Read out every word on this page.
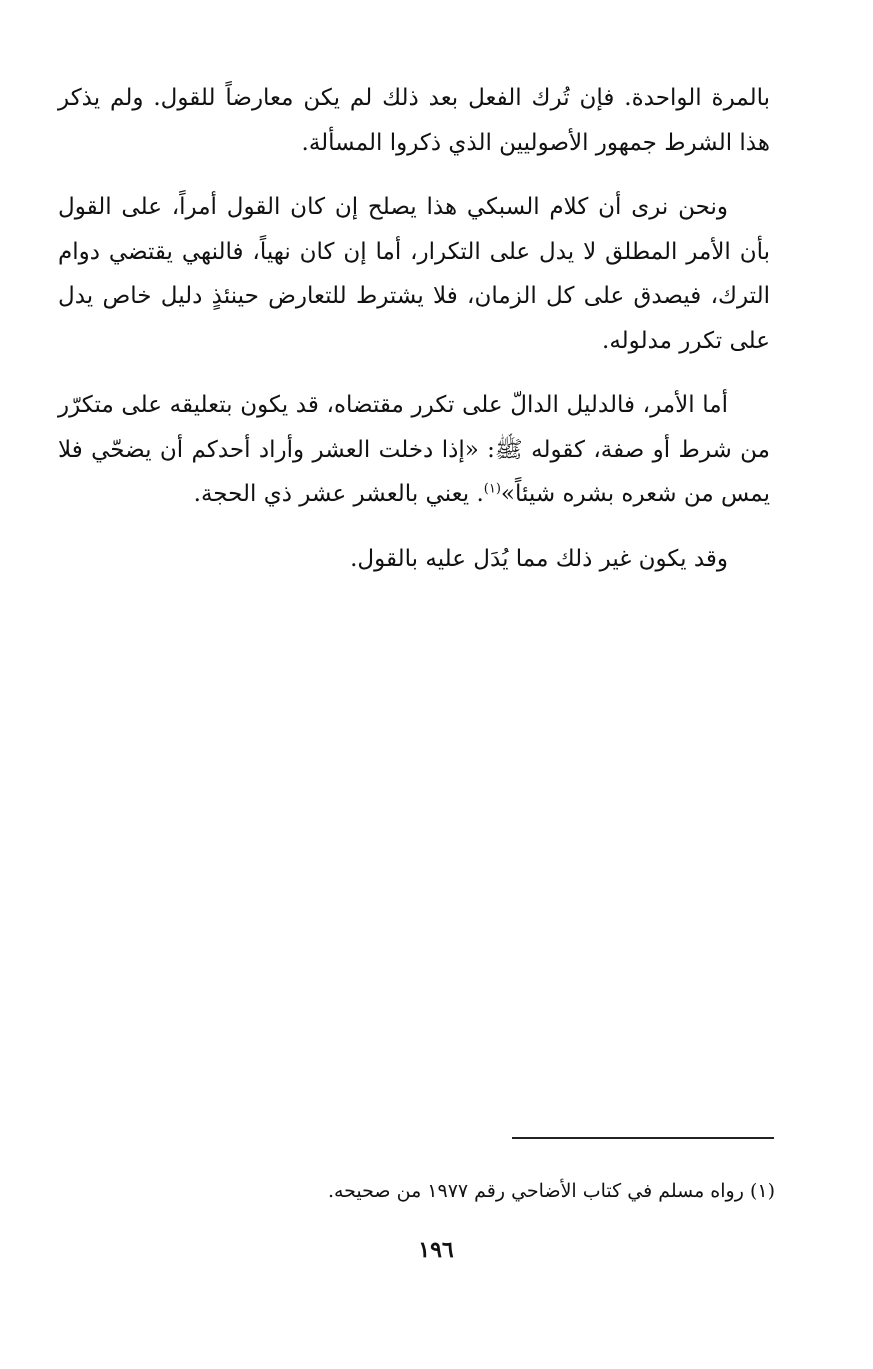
بالمرة الواحدة. فإن تُرك الفعل بعد ذلك لم يكن معارضاً للقول. ولم يذكر هذا الشرط جمهور الأصوليين الذي ذكروا المسألة.

ونحن نرى أن كلام السبكي هذا يصلح إن كان القول أمراً، على القول بأن الأمر المطلق لا يدل على التكرار، أما إن كان نهياً، فالنهي يقتضي دوام الترك، فيصدق على كل الزمان، فلا يشترط للتعارض حينئذٍ دليل خاص يدل على تكرر مدلوله.

أما الأمر، فالدليل الدالّ على تكرر مقتضاه، قد يكون بتعليقه على متكرّر من شرط أو صفة، كقوله ﷺ: «إذا دخلت العشر وأراد أحدكم أن يضحّي فلا يمس من شعره بشره شيئاً»$^{(١)}$. يعني بالعشر عشر ذي الحجة.

وقد يكون غير ذلك مما يُدَل عليه بالقول.

(١) رواه مسلم في كتاب الأضاحي رقم ١٩٧٧ من صحيحه.
١٩٦
